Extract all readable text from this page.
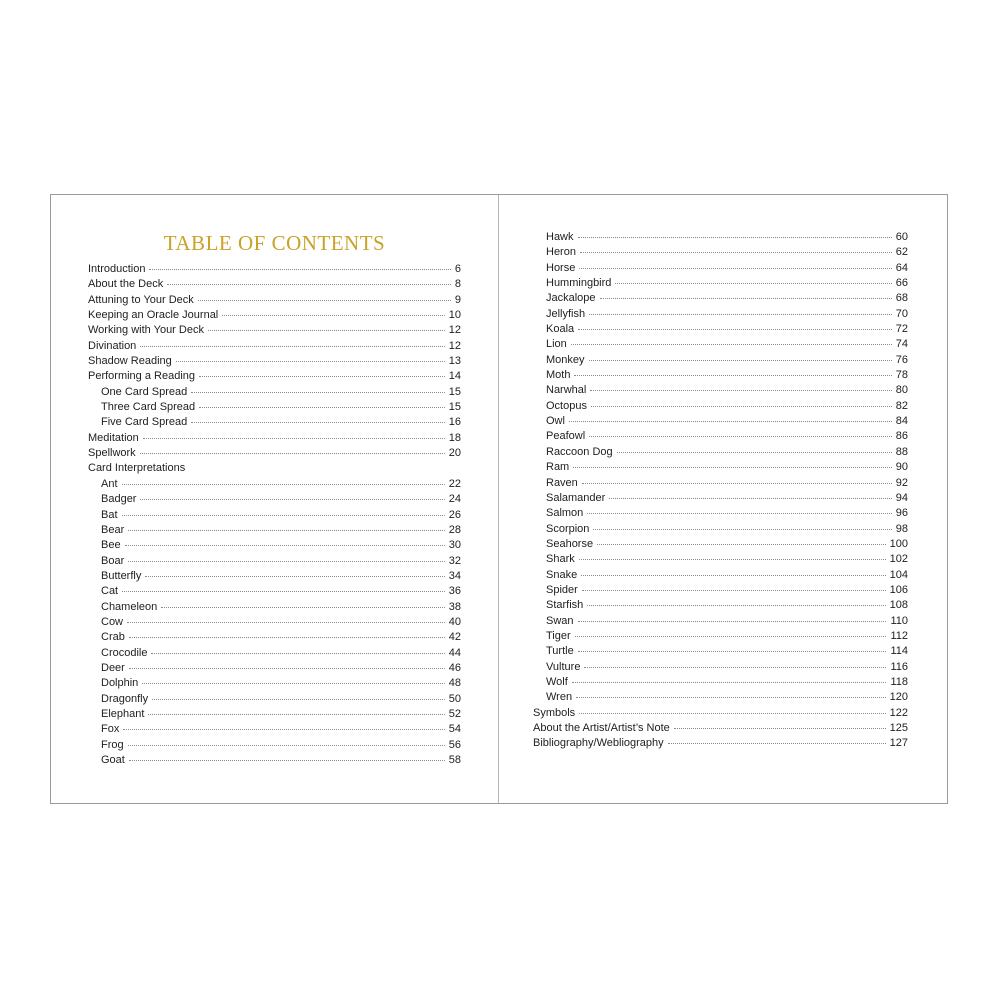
TABLE OF CONTENTS
Introduction	6
About the Deck	8
Attuning to Your Deck	9
Keeping an Oracle Journal	10
Working with Your Deck	12
Divination	12
Shadow Reading	13
Performing a Reading	14
One Card Spread	15
Three Card Spread	15
Five Card Spread	16
Meditation	18
Spellwork	20
Card Interpretations
Ant	22
Badger	24
Bat	26
Bear	28
Bee	30
Boar	32
Butterfly	34
Cat	36
Chameleon	38
Cow	40
Crab	42
Crocodile	44
Deer	46
Dolphin	48
Dragonfly	50
Elephant	52
Fox	54
Frog	56
Goat	58
Hawk	60
Heron	62
Horse	64
Hummingbird	66
Jackalope	68
Jellyfish	70
Koala	72
Lion	74
Monkey	76
Moth	78
Narwhal	80
Octopus	82
Owl	84
Peafowl	86
Raccoon Dog	88
Ram	90
Raven	92
Salamander	94
Salmon	96
Scorpion	98
Seahorse	100
Shark	102
Snake	104
Spider	106
Starfish	108
Swan	110
Tiger	112
Turtle	114
Vulture	116
Wolf	118
Wren	120
Symbols	122
About the Artist/Artist’s Note	125
Bibliography/Webliography	127
